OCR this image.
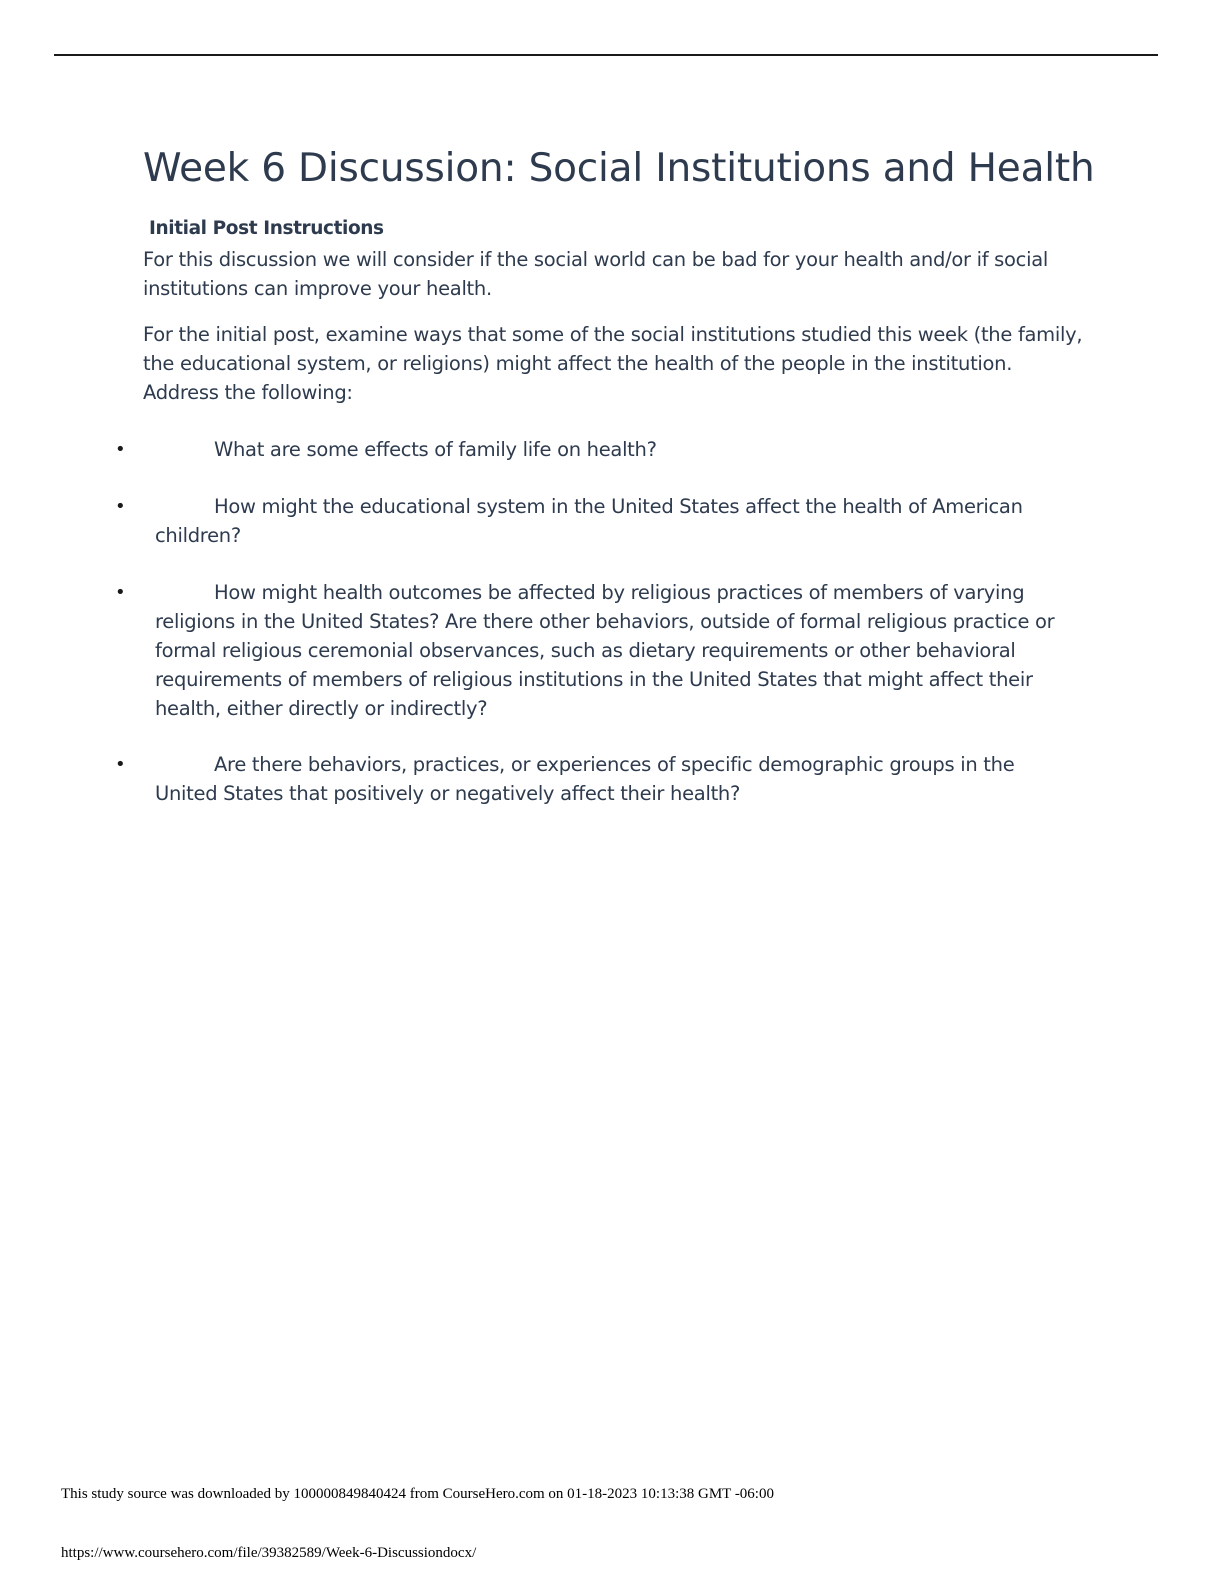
Week 6 Discussion: Social Institutions and Health
Initial Post Instructions

For this discussion we will consider if the social world can be bad for your health and/or if social institutions can improve your health.

For the initial post, examine ways that some of the social institutions studied this week (the family, the educational system, or religions) might affect the health of the people in the institution. Address the following:

•	What are some effects of family life on health?
•	How might the educational system in the United States affect the health of American children?
•	How might health outcomes be affected by religious practices of members of varying religions in the United States? Are there other behaviors, outside of formal religious practice or formal religious ceremonial observances, such as dietary requirements or other behavioral requirements of members of religious institutions in the United States that might affect their health, either directly or indirectly?
•	Are there behaviors, practices, or experiences of specific demographic groups in the United States that positively or negatively affect their health?

This study source was downloaded by 100000849840424 from CourseHero.com on 01-18-2023 10:13:38 GMT -06:00

https://www.coursehero.com/file/39382589/Week-6-Discussiondocx/
